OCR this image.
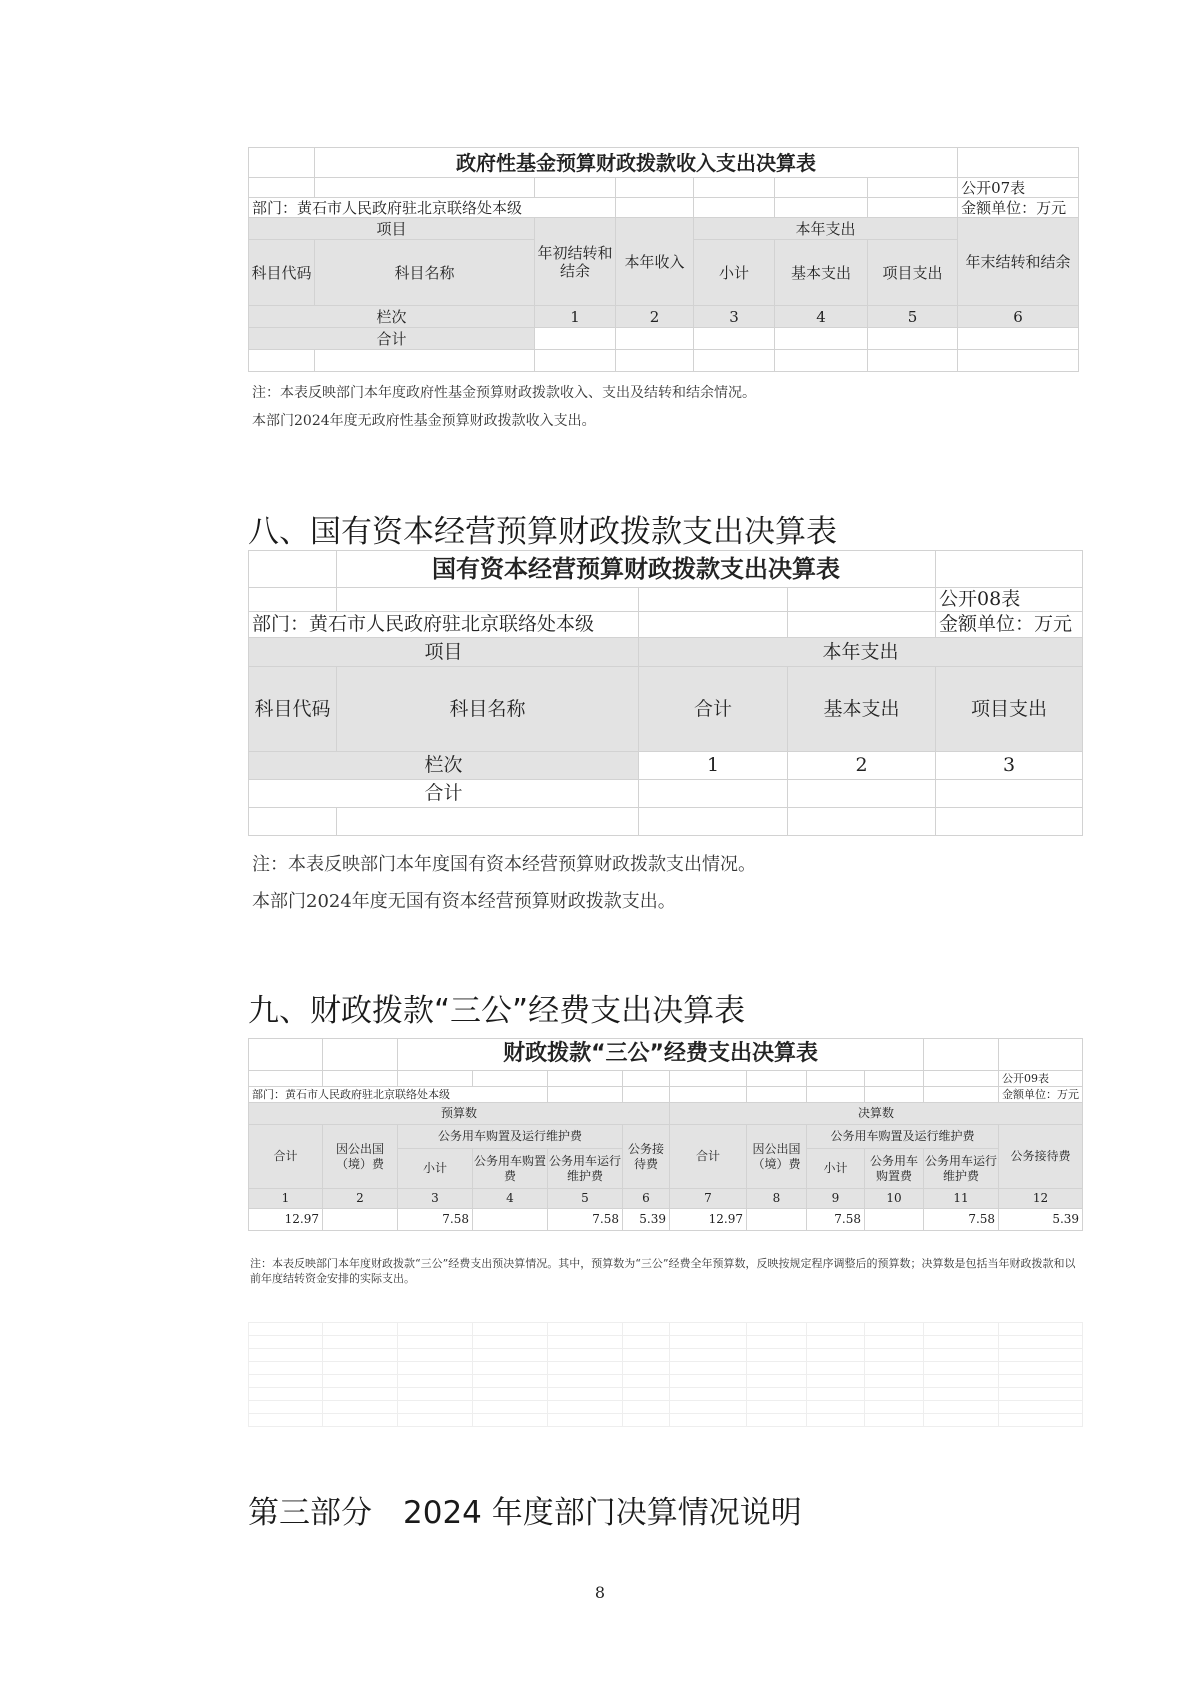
	政府性基金预算财政拨款收入支出决算表						
							公开07表
部门：黄石市人民政府驻北京联络处本级							金额单位：万元
项目		年初结转和结余	本年收入	本年支出			年末结转和结余
科目代码	科目名称			小计	基本支出	项目支出	
栏次		1	2	3	4	5	6
合计							

注：本表反映部门本年度政府性基金预算财政拨款收入、支出及结转和结余情况。
本部门2024年度无政府性基金预算财政拨款收入支出。
八、国有资本经营预算财政拨款支出决算表
	国有资本经营预算财政拨款支出决算表			
				公开08表
部门：黄石市人民政府驻北京联络处本级				金额单位：万元
项目		本年支出		
科目代码	科目名称	合计	基本支出	项目支出
栏次		1	2	3
合计				

注：本表反映部门本年度国有资本经营预算财政拨款支出情况。
本部门2024年度无国有资本经营预算财政拨款支出。
九、财政拨款“三公”经费支出决算表
		财政拨款“三公”经费支出决算表									
											公开09表
部门：黄石市人民政府驻北京联络处本级											金额单位：万元
预算数						决算数					
合计	因公出国（境）费	公务用车购置及运行维护费			公务接待费	合计	因公出国（境）费	公务用车购置及运行维护费			公务接待费
		小计	公务用车购置费	公务用车运行维护费				小计	公务用车购置费	公务用车运行维护费	
1	2	3	4	5	6	7	8	9	10	11	12
12.97		7.58		7.58	5.39	12.97		7.58		7.58	5.39
注：本表反映部门本年度财政拨款“三公”经费支出预决算情况。其中，预算数为“三公”经费全年预算数，反映按规定程序调整后的预算数；决算数是包括当年财政拨款和以前年度结转资金安排的实际支出。

第三部分　2024 年度部门决算情况说明
8
